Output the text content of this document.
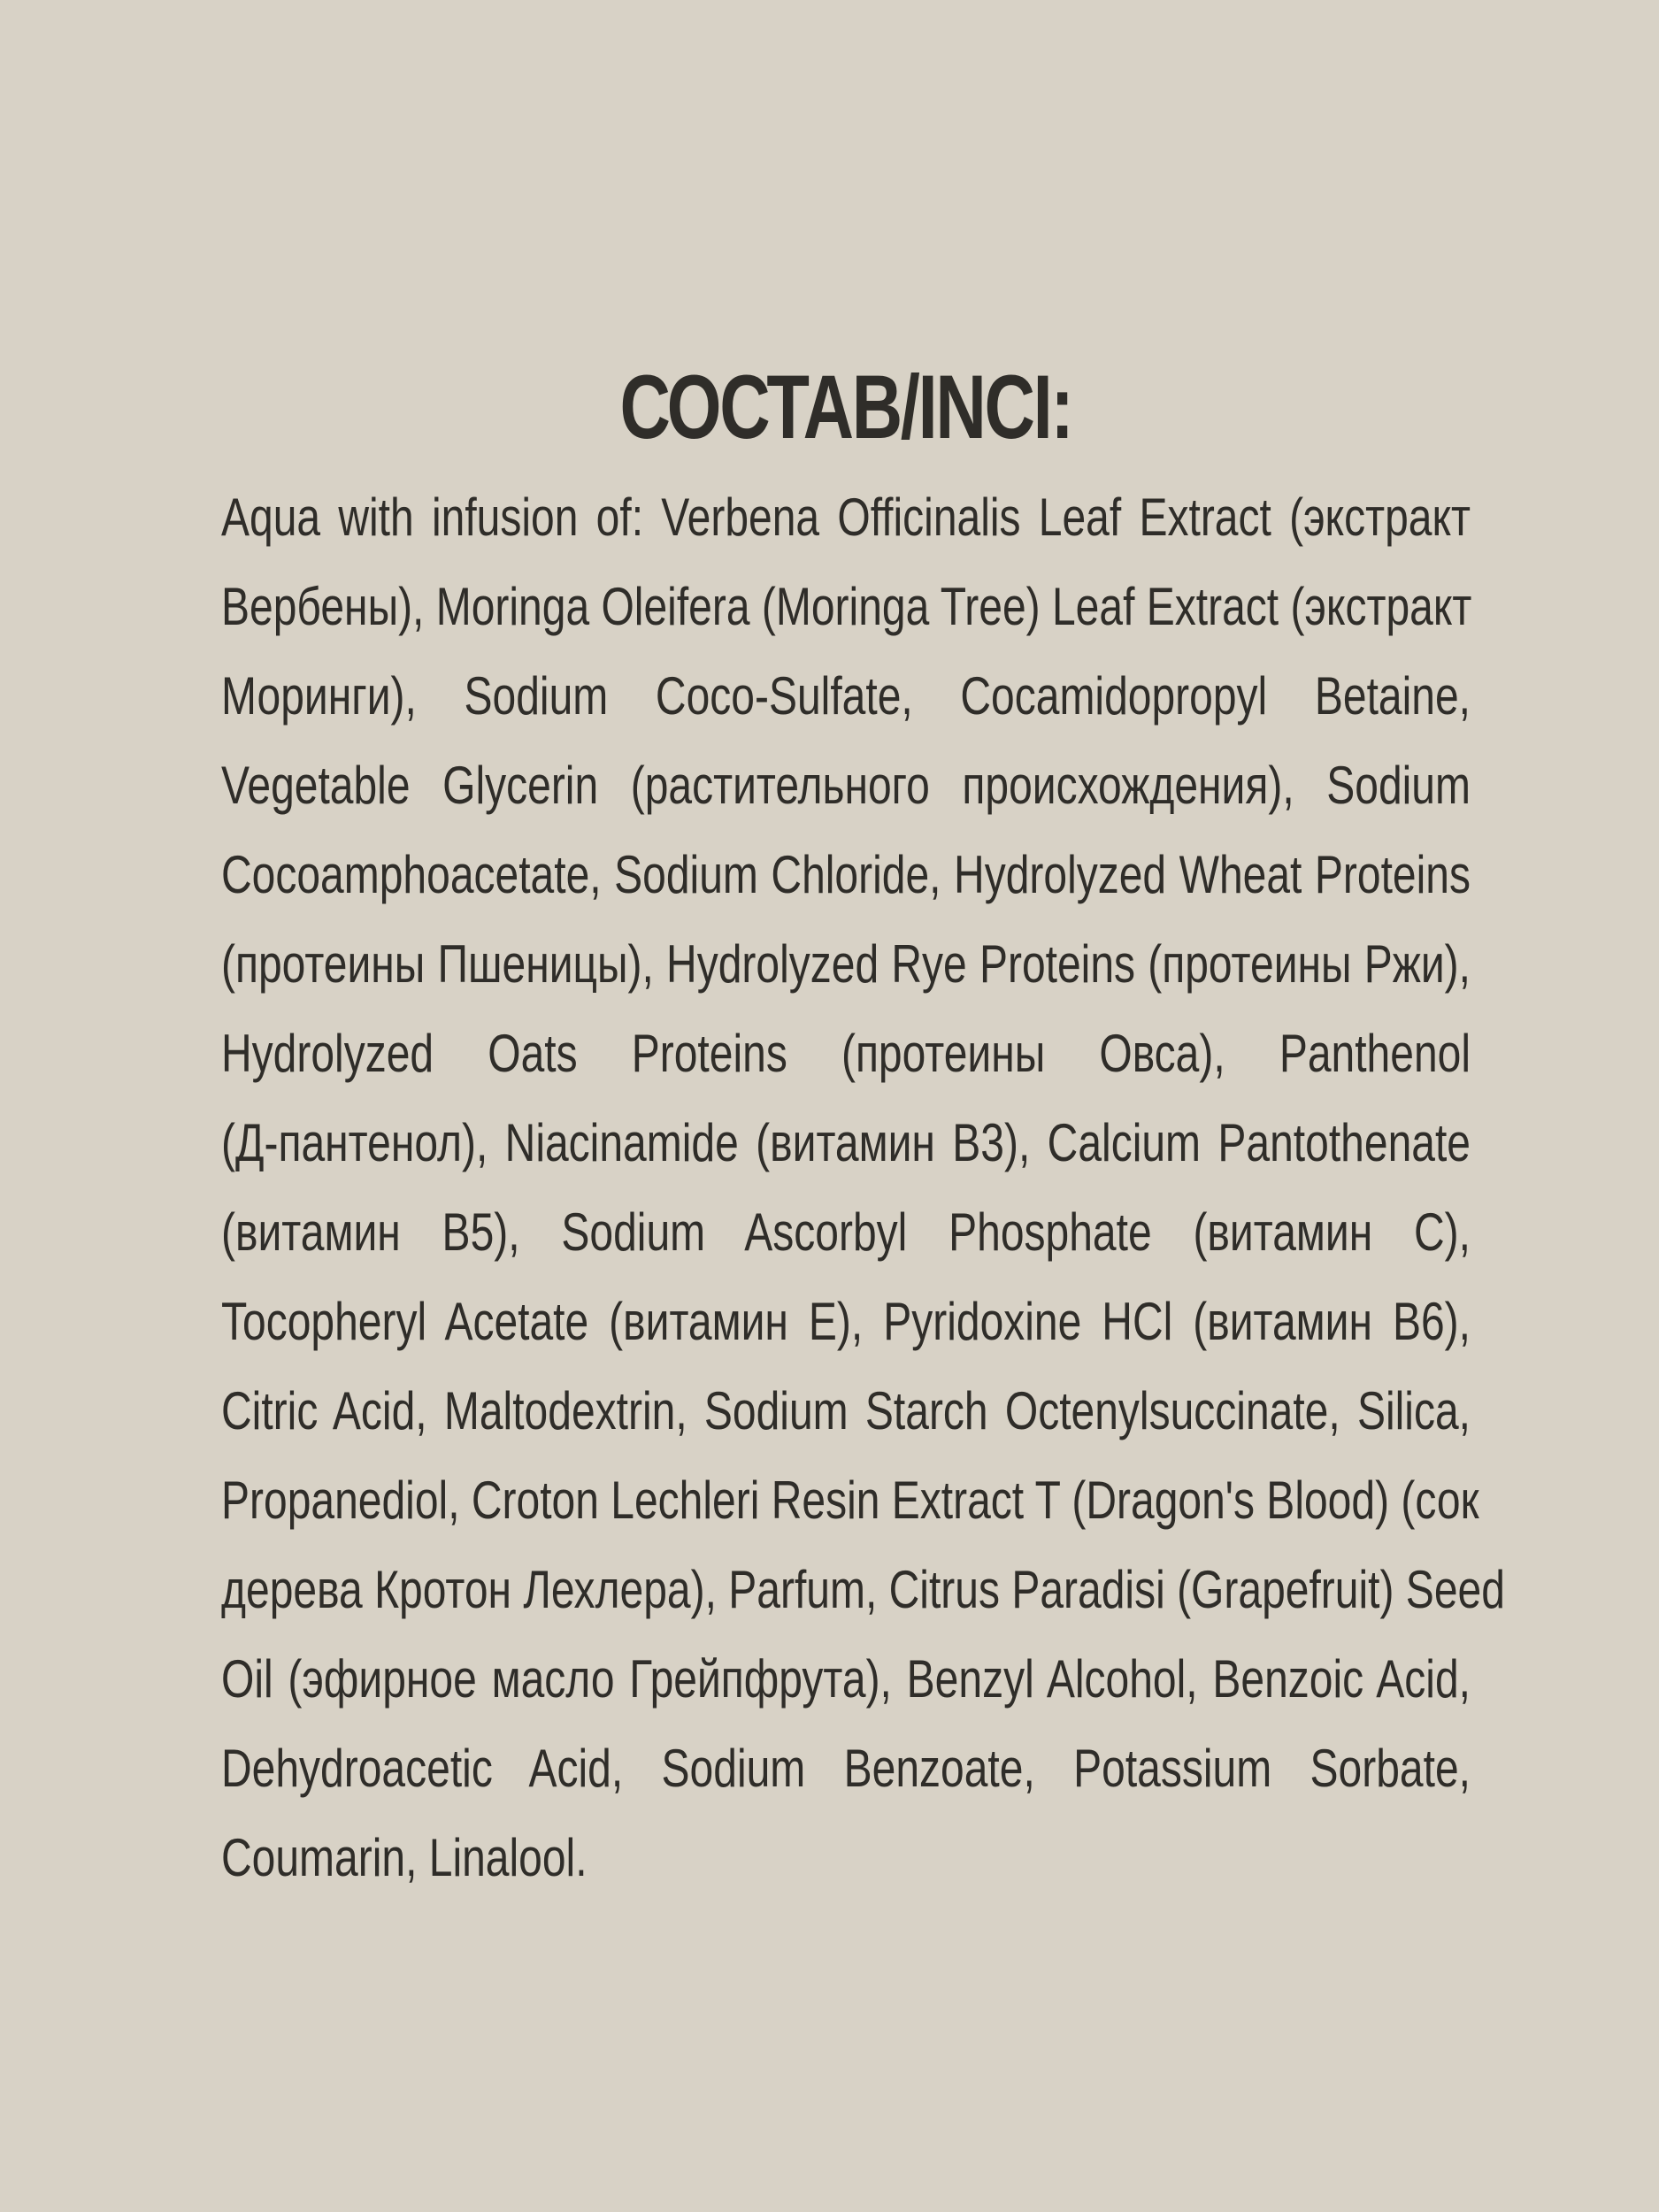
СОСТАВ/INCI:
Aqua with infusion of: Verbena Officinalis Leaf Extract (экстракт
Вербены), Moringa Oleifera (Moringa Tree) Leaf Extract (экстракт
Моринги), Sodium Coco-Sulfate, Cocamidopropyl Betaine,
Vegetable Glycerin (растительного происхождения), Sodium
Cocoamphoacetate, Sodium Chloride, Hydrolyzed Wheat Proteins
(протеины Пшеницы), Hydrolyzed Rye Proteins (протеины Ржи),
Hydrolyzed Oats Proteins (протеины Овса), Panthenol
(Д-пантенол), Niacinamide (витамин B3), Calcium Pantothenate
(витамин B5), Sodium Ascorbyl Phosphate (витамин C),
Tocopheryl Acetate (витамин E), Pyridoxine HCl (витамин B6),
Citric Acid, Maltodextrin, Sodium Starch Octenylsuccinate, Silica,
Propanediol, Croton Lechleri Resin Extract T (Dragon's Blood) (сок
дерева Кротон Лехлера), Parfum, Citrus Paradisi (Grapefruit) Seed
Oil (эфирное масло Грейпфрута), Benzyl Alcohol, Benzoic Acid,
Dehydroacetic Acid, Sodium Benzoate, Potassium Sorbate,
Coumarin, Linalool.
